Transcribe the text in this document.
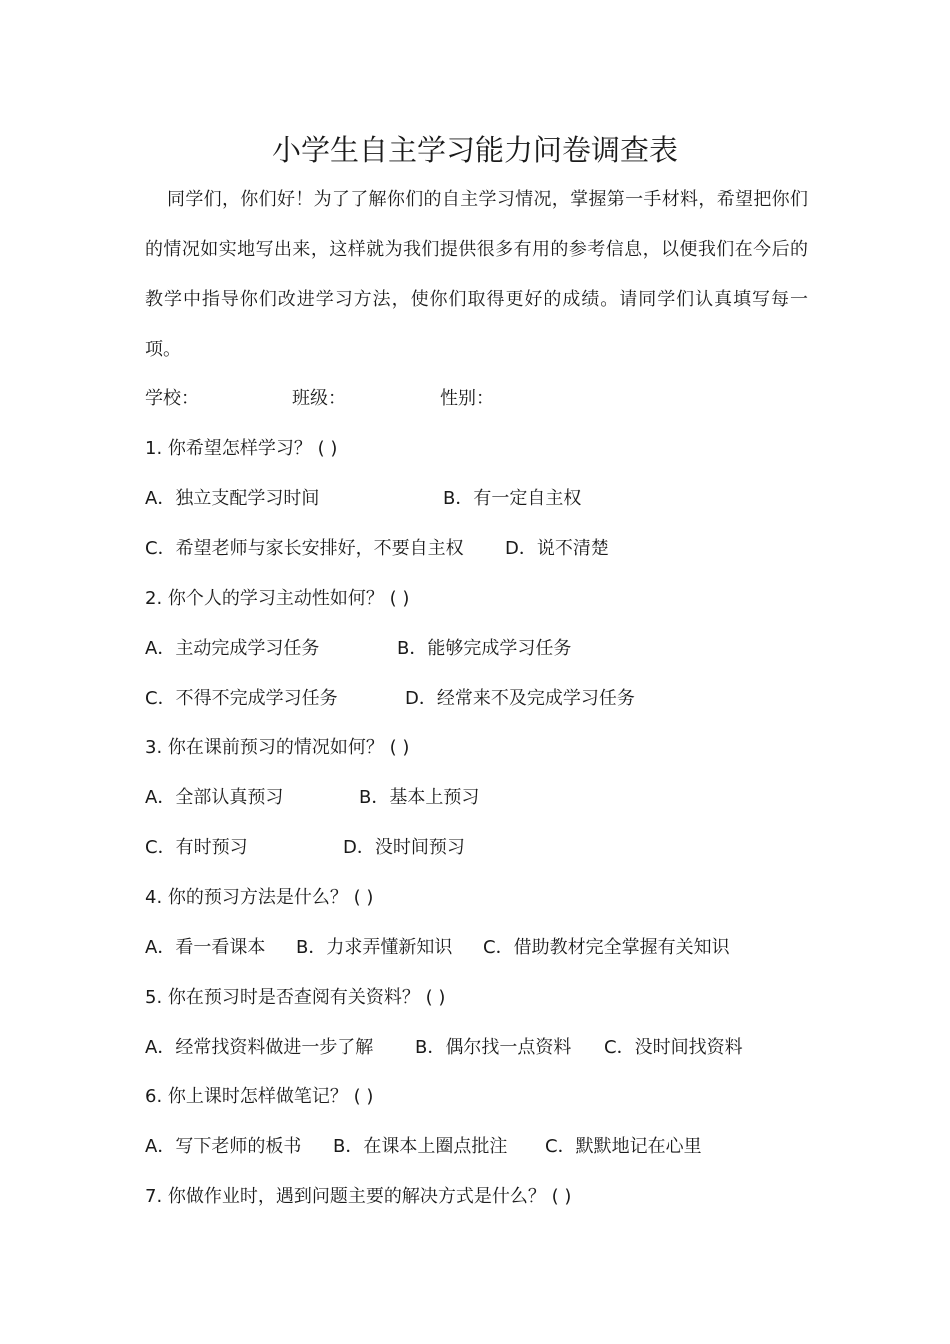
小学生自主学习能力问卷调查表

同学们，你们好！为了了解你们的自主学习情况，掌握第一手材料，希望把你们的情况如实地写出来，这样就为我们提供很多有用的参考信息，以便我们在今后的教学中指导你们改进学习方法，使你们取得更好的成绩。请同学们认真填写每一项。

学校：	班级：	性别：
1. 你希望怎样学习？ ( )
A．独立支配学习时间	B．有一定自主权
C．希望老师与家长安排好，不要自主权 D．说不清楚
2. 你个人的学习主动性如何？ ( )
A．主动完成学习任务	B．能够完成学习任务
C．不得不完成学习任务	D．经常来不及完成学习任务
3. 你在课前预习的情况如何？ ( )
A．全部认真预习	B．基本上预习
C．有时预习	D．没时间预习
4. 你的预习方法是什么？ ( )
A．看一看课本 B．力求弄懂新知识 C．借助教材完全掌握有关知识
5. 你在预习时是否查阅有关资料？ ( )
A．经常找资料做进一步了解 B．偶尔找一点资料 C．没时间找资料
6. 你上课时怎样做笔记？ ( )
A．写下老师的板书 B．在课本上圈点批注 C．默默地记在心里
7. 你做作业时，遇到问题主要的解决方式是什么？ ( )
